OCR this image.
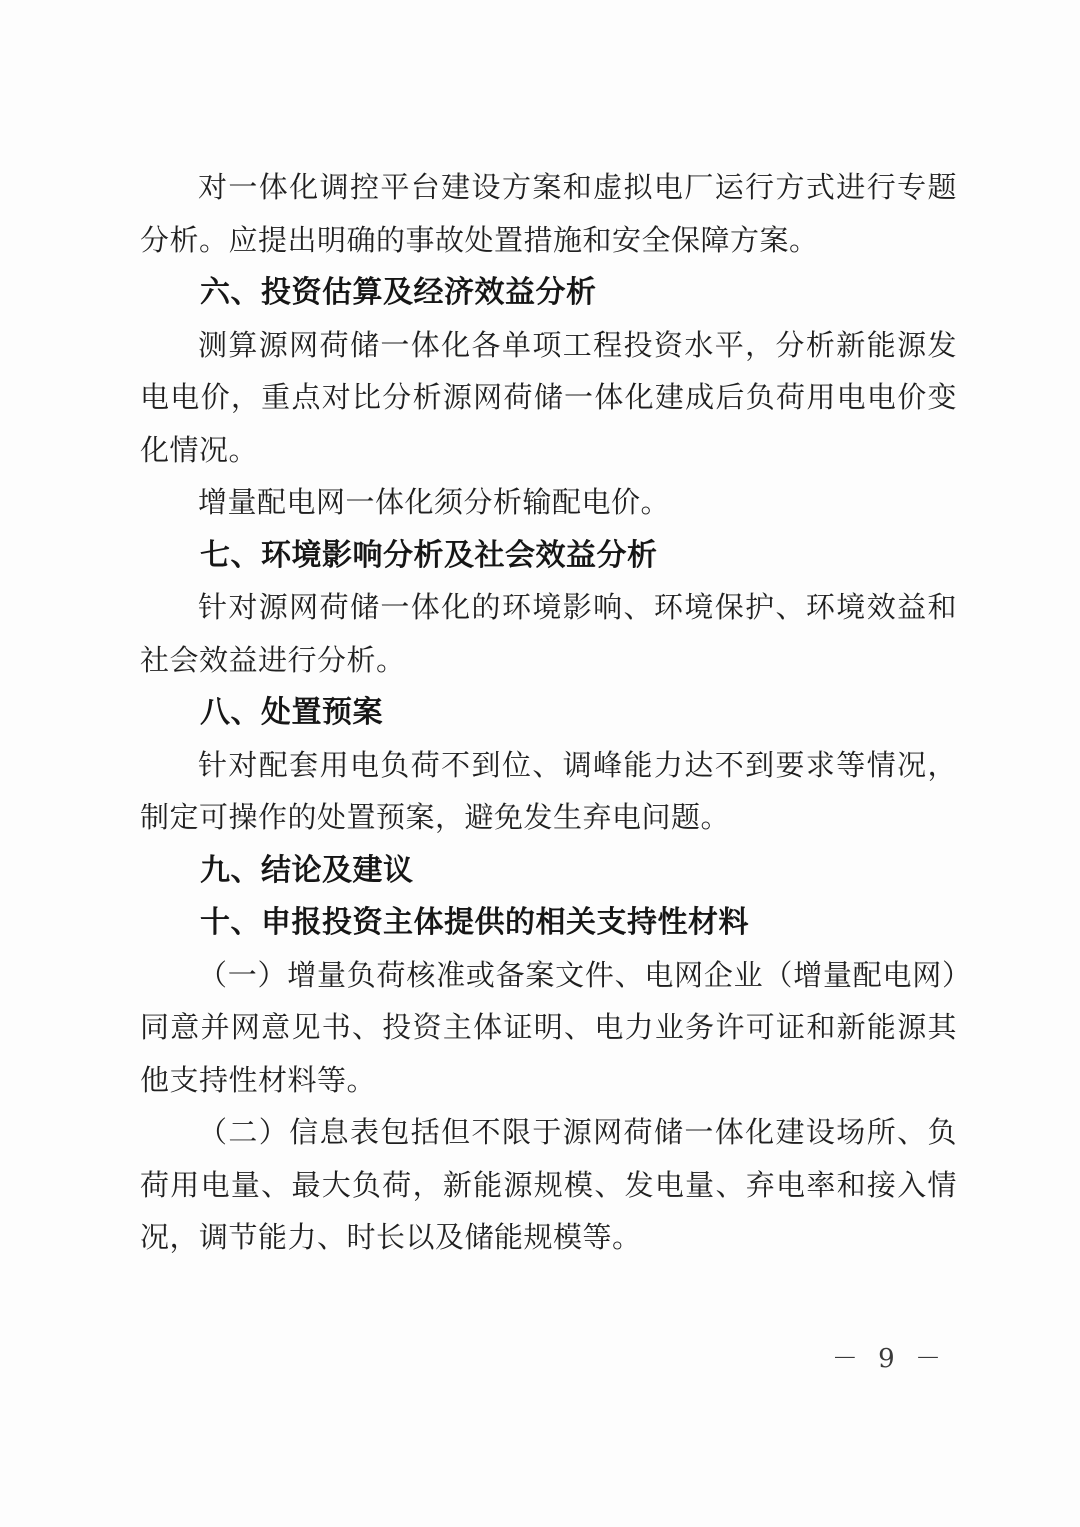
对一体化调控平台建设方案和虚拟电厂运行方式进行专题分析。应提出明确的事故处置措施和安全保障方案。

六、投资估算及经济效益分析

测算源网荷储一体化各单项工程投资水平，分析新能源发电电价，重点对比分析源网荷储一体化建成后负荷用电电价变化情况。

增量配电网一体化须分析输配电价。

七、环境影响分析及社会效益分析

针对源网荷储一体化的环境影响、环境保护、环境效益和社会效益进行分析。

八、处置预案

针对配套用电负荷不到位、调峰能力达不到要求等情况，制定可操作的处置预案，避免发生弃电问题。

九、结论及建议

十、申报投资主体提供的相关支持性材料

（一）增量负荷核准或备案文件、电网企业（增量配电网）同意并网意见书、投资主体证明、电力业务许可证和新能源其他支持性材料等。

（二）信息表包括但不限于源网荷储一体化建设场所、负荷用电量、最大负荷，新能源规模、发电量、弃电率和接入情况，调节能力、时长以及储能规模等。

－ 9 －
